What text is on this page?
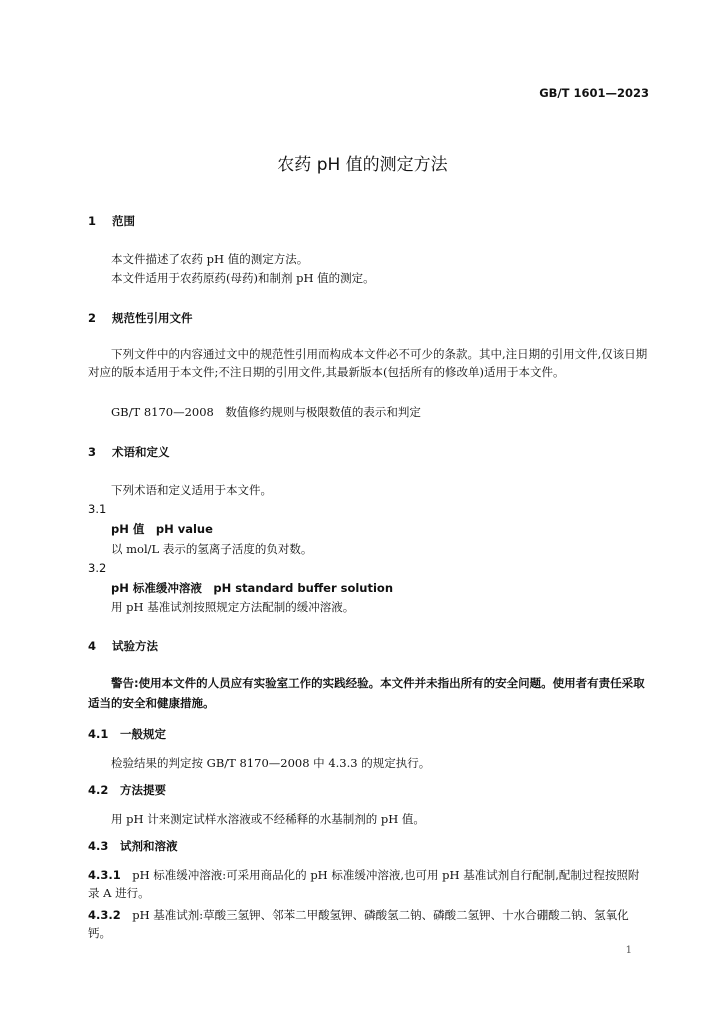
GB/T 1601—2023
农药 pH 值的测定方法
1 范围
本文件描述了农药 pH 值的测定方法。
本文件适用于农药原药(母药)和制剂 pH 值的测定。
2 规范性引用文件
下列文件中的内容通过文中的规范性引用而构成本文件必不可少的条款。其中,注日期的引用文件,仅该日期对应的版本适用于本文件;不注日期的引用文件,其最新版本(包括所有的修改单)适用于本文件。
GB/T 8170—2008　数值修约规则与极限数值的表示和判定
3 术语和定义
下列术语和定义适用于本文件。
3.1
pH 值　pH value
以 mol/L 表示的氢离子活度的负对数。
3.2
pH 标准缓冲溶液　pH standard buffer solution
用 pH 基准试剂按照规定方法配制的缓冲溶液。
4 试验方法
警告:使用本文件的人员应有实验室工作的实践经验。本文件并未指出所有的安全问题。使用者有责任采取适当的安全和健康措施。
4.1 一般规定
检验结果的判定按 GB/T 8170—2008 中 4.3.3 的规定执行。
4.2 方法提要
用 pH 计来测定试样水溶液或不经稀释的水基制剂的 pH 值。
4.3 试剂和溶液
4.3.1　 pH 标准缓冲溶液:可采用商品化的 pH 标准缓冲溶液,也可用 pH 基准试剂自行配制,配制过程按照附录 A 进行。
4.3.2　 pH 基准试剂:草酸三氢钾、邻苯二甲酸氢钾、磷酸氢二钠、磷酸二氢钾、十水合硼酸二钠、氢氧化钙。
1
